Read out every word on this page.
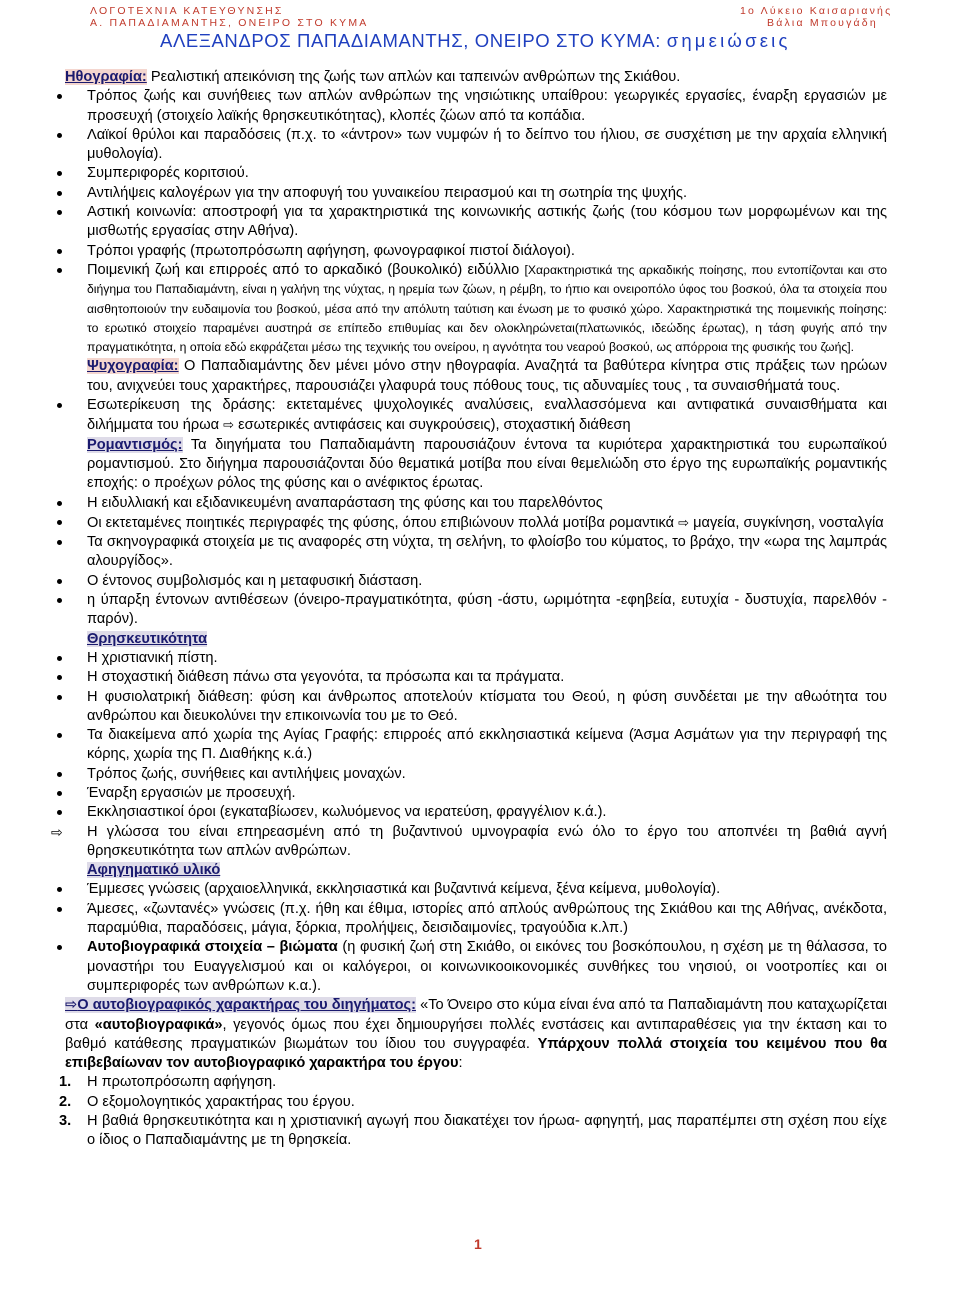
ΛΟΓΟΤΕΧΝΙΑ ΚΑΤΕΥΘΥΝΣΗΣ
Α. ΠΑΠΑΔΙΑΜΑΝΤΗΣ, ΟΝΕΙΡΟ ΣΤΟ ΚΥΜΑ
1ο Λύκειο Καισαριανής
Βάλια Μπουγάδη
ΑΛΕΞΑΝΔΡΟΣ ΠΑΠΑΔΙΑΜΑΝΤΗΣ, ΟΝΕΙΡΟ ΣΤΟ ΚΥΜΑ: σημειώσεις
Ηθογραφία: Ρεαλιστική απεικόνιση της ζωής των απλών και ταπεινών ανθρώπων της Σκιάθου.
Τρόπος ζωής και συνήθειες των απλών ανθρώπων της νησιώτικης υπαίθρου: γεωργικές εργασίες, έναρξη εργασιών με προσευχή (στοιχείο λαϊκής θρησκευτικότητας), κλοπές ζώων από τα κοπάδια.
Λαϊκοί θρύλοι και παραδόσεις (π.χ. το «άντρον» των νυμφών ή το δείπνο του ήλιου, σε συσχέτιση με την αρχαία ελληνική μυθολογία).
Συμπεριφορές κοριτσιού.
Αντιλήψεις καλογέρων για την αποφυγή του γυναικείου πειρασμού και τη σωτηρία της ψυχής.
Αστική κοινωνία: αποστροφή για τα χαρακτηριστικά της κοινωνικής αστικής ζωής (του κόσμου των μορφωμένων και της μισθωτής εργασίας στην Αθήνα).
Τρόποι γραφής (πρωτοπρόσωπη αφήγηση, φωνογραφικοί πιστοί διάλογοι).
Ποιμενική ζωή και επιρροές από το αρκαδικό (βουκολικό) ειδύλλιο [Χαρακτηριστικά της αρκαδικής ποίησης, που εντοπίζονται και στο διήγημα του Παπαδιαμάντη, είναι η γαλήνη της νύχτας, η ηρεμία των ζώων, η ρέμβη, το ήπιο και ονειροπόλο ύφος του βοσκού, όλα τα στοιχεία που αισθητοποιούν την ευδαιμονία του βοσκού, μέσα από την απόλυτη ταύτιση και ένωση με το φυσικό χώρο. Χαρακτηριστικά της ποιμενικής ποίησης: το ερωτικό στοιχείο παραμένει αυστηρά σε επίπεδο επιθυμίας και δεν ολοκληρώνεται(πλατωνικός, ιδεώδης έρωτας), η τάση φυγής από την πραγματικότητα, η οποία εδώ εκφράζεται μέσω της τεχνικής του ονείρου, η αγνότητα του νεαρού βοσκού, ως απόρροια της φυσικής του ζωής].
Ψυχογραφία: Ο Παπαδιαμάντης δεν μένει μόνο στην ηθογραφία. Αναζητά τα βαθύτερα κίνητρα στις πράξεις των ηρώων του, ανιχνεύει τους χαρακτήρες, παρουσιάζει γλαφυρά τους πόθους τους, τις αδυναμίες τους , τα συναισθήματά τους.
Εσωτερίκευση της δράσης: εκτεταμένες ψυχολογικές αναλύσεις, εναλλασσόμενα και αντιφατικά συναισθήματα και διλήμματα του ήρωα ⇨ εσωτερικές αντιφάσεις και συγκρούσεις), στοχαστική διάθεση
Ρομαντισμός: Τα διηγήματα του Παπαδιαμάντη παρουσιάζουν έντονα τα κυριότερα χαρακτηριστικά του ευρωπαϊκού ρομαντισμού. Στο διήγημα παρουσιάζονται δύο θεματικά μοτίβα που είναι θεμελιώδη στο έργο της ευρωπαϊκής ρομαντικής εποχής: ο προέχων ρόλος της φύσης και ο ανέφικτος έρωτας.
Η ειδυλλιακή και εξιδανικευμένη αναπαράσταση της φύσης και του παρελθόντος
Οι εκτεταμένες ποιητικές περιγραφές της φύσης, όπου επιβιώνουν πολλά μοτίβα ρομαντικά ⇨ μαγεία, συγκίνηση, νοσταλγία
Τα σκηνογραφικά στοιχεία με τις αναφορές στη νύχτα, τη σελήνη, το φλοίσβο του κύματος, το βράχο, την «ωρα της λαμπράς αλουργίδος».
Ο έντονος συμβολισμός και η μεταφυσική διάσταση.
η ύπαρξη έντονων αντιθέσεων (όνειρο-πραγματικότητα, φύση -άστυ, ωριμότητα -εφηβεία, ευτυχία - δυστυχία, παρελθόν - παρόν).
Θρησκευτικότητα
Η χριστιανική πίστη.
Η στοχαστική διάθεση πάνω στα γεγονότα, τα πρόσωπα και τα πράγματα.
Η φυσιολατρική διάθεση: φύση και άνθρωπος αποτελούν κτίσματα του Θεού, η φύση συνδέεται με την αθωότητα του ανθρώπου και διευκολύνει την επικοινωνία του με το Θεό.
Τα διακείμενα από χωρία της Αγίας Γραφής: επιρροές από εκκλησιαστικά κείμενα (Άσμα Ασμάτων για την περιγραφή της κόρης, χωρία της Π. Διαθήκης κ.ά.)
Τρόπος ζωής, συνήθειες και αντιλήψεις μοναχών.
Έναρξη εργασιών με προσευχή.
Εκκλησιαστικοί όροι (εγκαταβίωσεν, κωλυόμενος να ιερατεύση, φραγγέλιον κ.ά.).
⇨ Η γλώσσα του είναι επηρεασμένη από τη βυζαντινού υμνογραφία ενώ όλο το έργο του αποπνέει τη βαθιά αγνή θρησκευτικότητα των απλών ανθρώπων.
Αφηγηματικό υλικό
Έμμεσες γνώσεις (αρχαιοελληνικά, εκκλησιαστικά και βυζαντινά κείμενα, ξένα κείμενα, μυθολογία).
Άμεσες, «ζωντανές» γνώσεις (π.χ. ήθη και έθιμα, ιστορίες από απλούς ανθρώπους της Σκιάθου και της Αθήνας, ανέκδοτα, παραμύθια, παραδόσεις, μάγια, ξόρκια, προλήψεις, δεισιδαιμονίες, τραγούδια κ.λπ.)
Αυτοβιογραφικά στοιχεία – βιώματα (η φυσική ζωή στη Σκιάθο, οι εικόνες του βοσκόπουλου, η σχέση με τη θάλασσα, το μοναστήρι του Ευαγγελισμού και οι καλόγεροι, οι κοινωνικοοικονομικές συνθήκες του νησιού, οι νοοτροπίες και οι συμπεριφορές των ανθρώπων κ.α.).
⇨Ο αυτοβιογραφικός χαρακτήρας του διηγήματος: «Το Όνειρο στο κύμα είναι ένα από τα Παπαδιαμάντη που καταχωρίζεται στα «αυτοβιογραφικά», γεγονός όμως που έχει δημιουργήσει πολλές ενστάσεις και αντιπαραθέσεις για την έκταση και το βαθμό κατάθεσης πραγματικών βιωμάτων του ίδιου του συγγραφέα. Υπάρχουν πολλά στοιχεία του κειμένου που θα επιβεβαίωναν τον αυτοβιογραφικό χαρακτήρα του έργου:
1. Η πρωτοπρόσωπη αφήγηση.
2. Ο εξομολογητικός χαρακτήρας του έργου.
3. Η βαθιά θρησκευτικότητα και η χριστιανική αγωγή που διακατέχει τον ήρωα- αφηγητή, μας παραπέμπει στη σχέση που είχε ο ίδιος ο Παπαδιαμάντης με τη θρησκεία.
1
